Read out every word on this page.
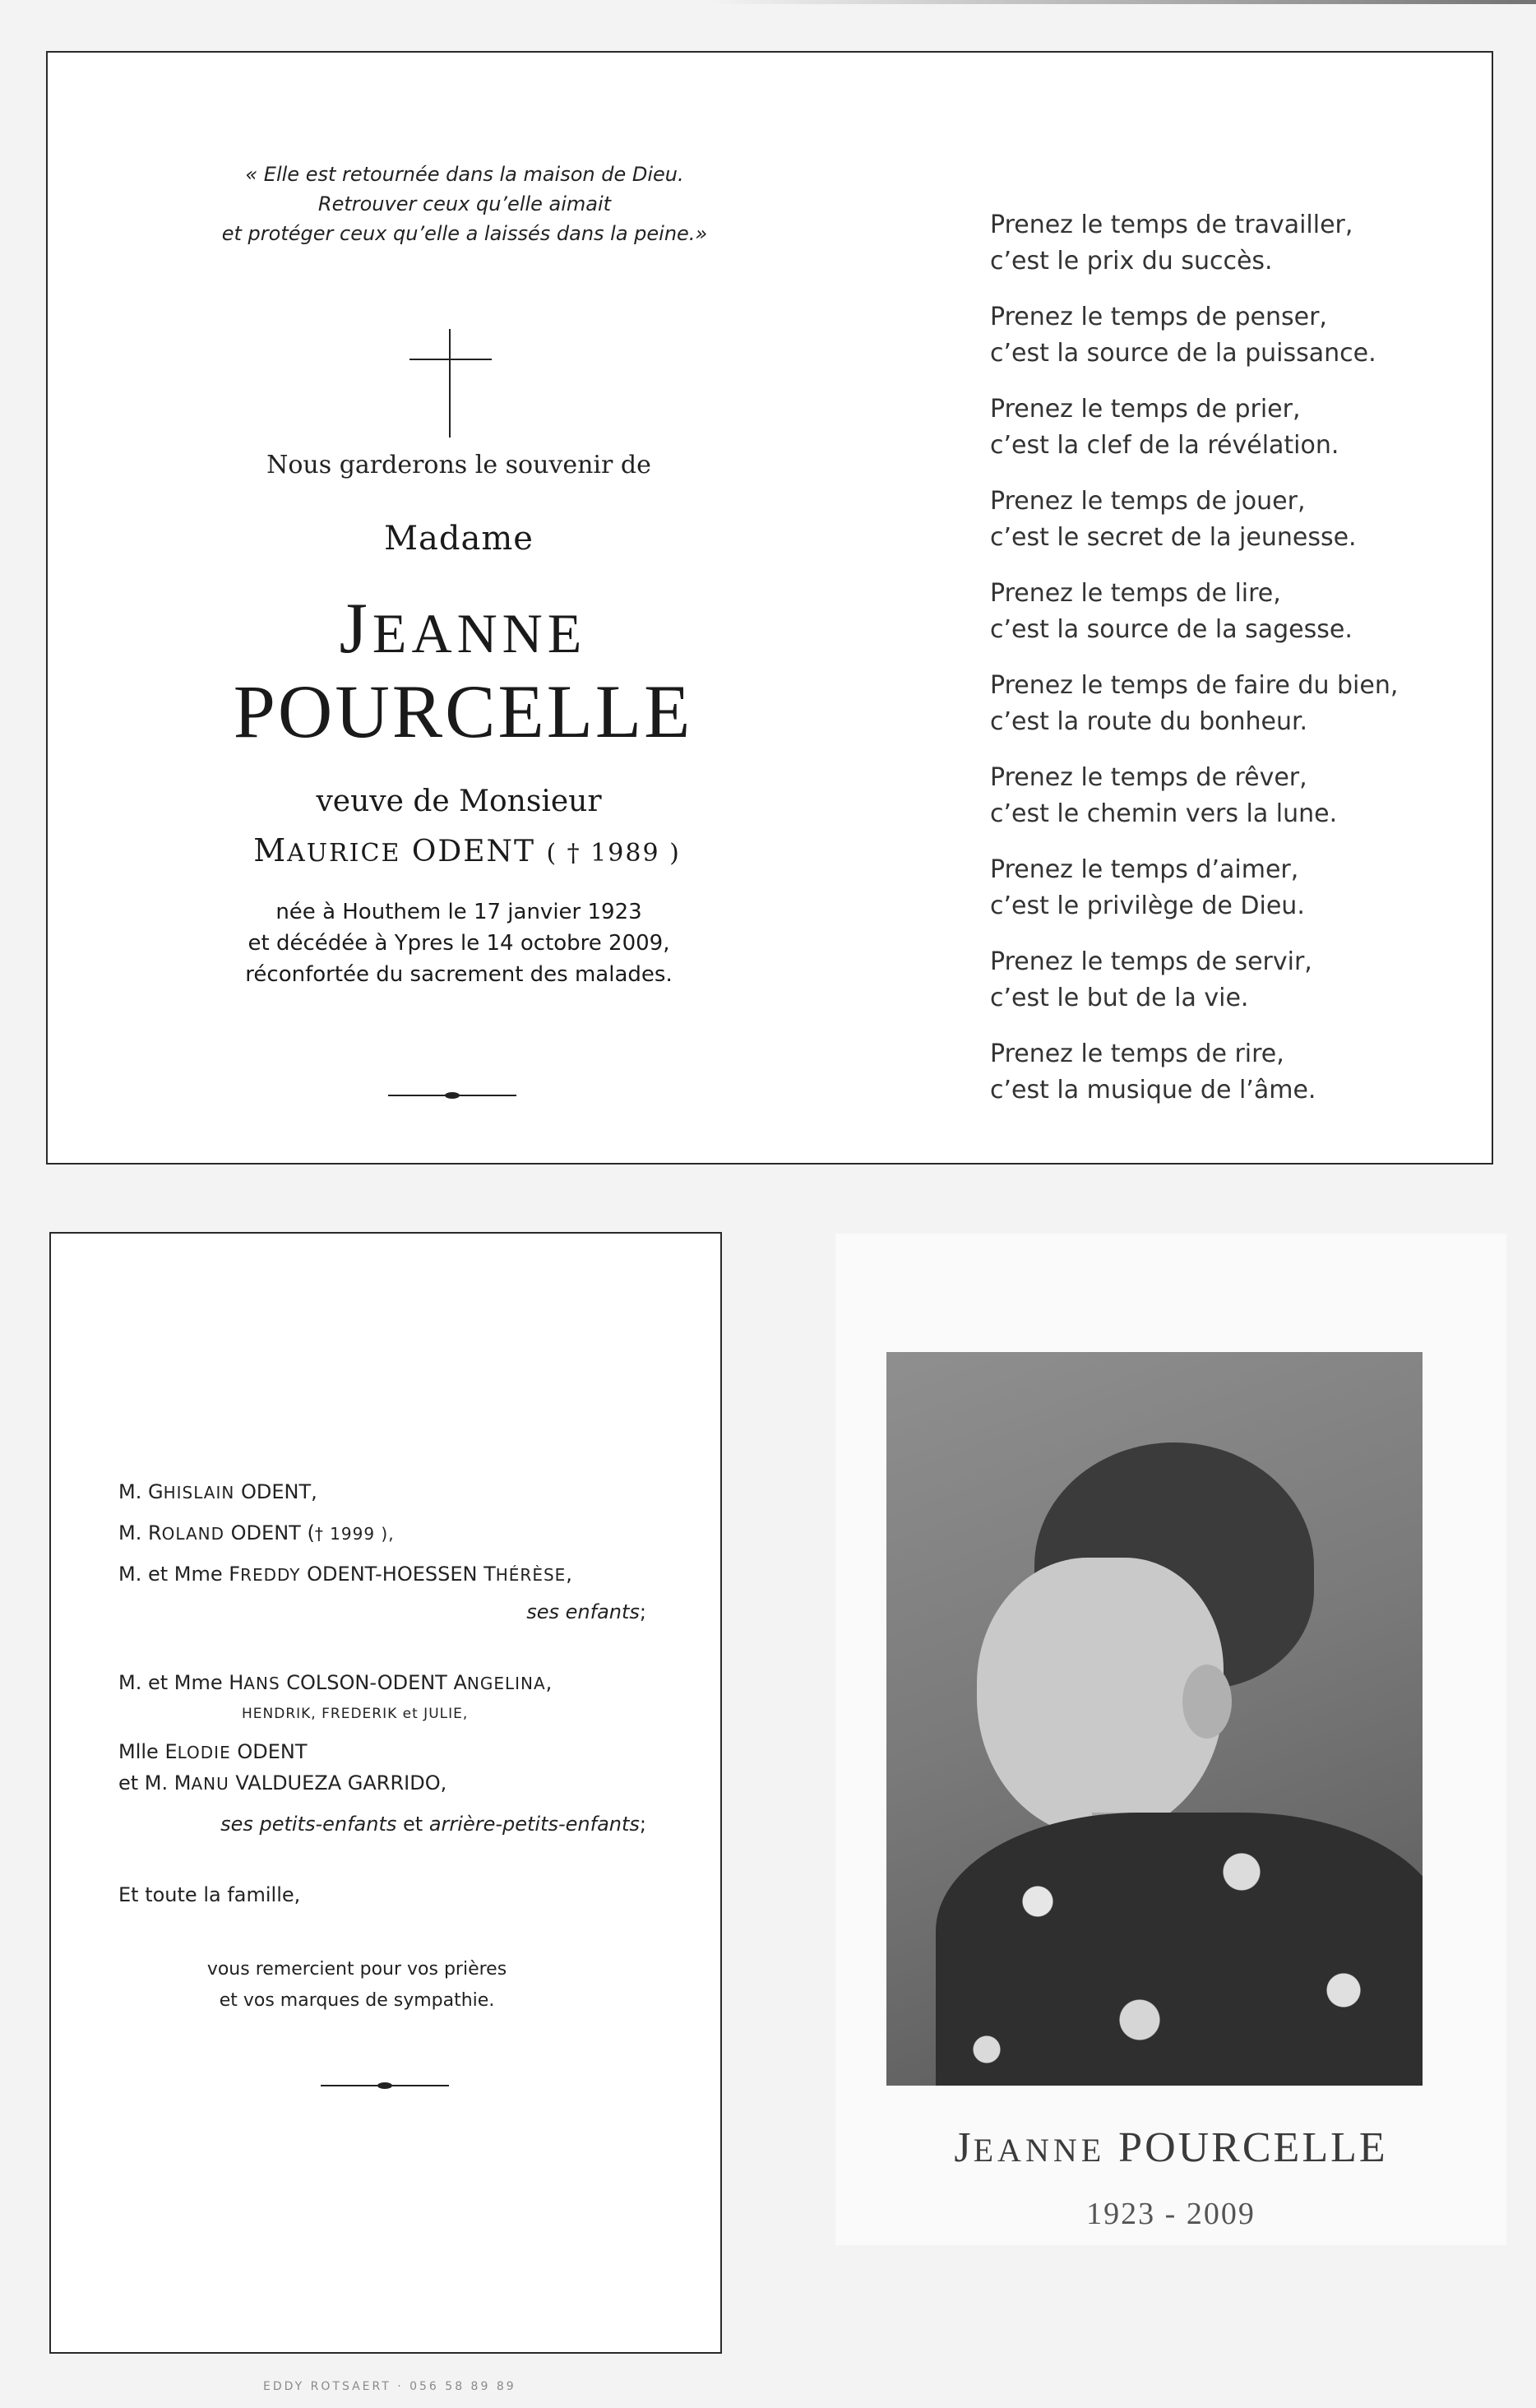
« Elle est retournée dans la maison de Dieu.
Retrouver ceux qu’elle aimait
et protéger ceux qu’elle a laissés dans la peine.»
Nous garderons le souvenir de
Madame
JEANNE
POURCELLE
veuve de Monsieur
MAURICE ODENT ( † 1989 )
née à Houthem le 17 janvier 1923
et décédée à Ypres le 14 octobre 2009,
réconfortée du sacrement des malades.
Prenez le temps de travailler,
c’est le prix du succès.
Prenez le temps de penser,
c’est la source de la puissance.
Prenez le temps de prier,
c’est la clef de la révélation.
Prenez le temps de jouer,
c’est le secret de la jeunesse.
Prenez le temps de lire,
c’est la source de la sagesse.
Prenez le temps de faire du bien,
c’est la route du bonheur.
Prenez le temps de rêver,
c’est le chemin vers la lune.
Prenez le temps d’aimer,
c’est le privilège de Dieu.
Prenez le temps de servir,
c’est le but de la vie.
Prenez le temps de rire,
c’est la musique de l’âme.
M. GHISLAIN ODENT,
M. ROLAND ODENT († 1999 ),
M. et Mme FREDDY ODENT-HOESSEN THÉRÈSE,
ses enfants;
M. et Mme HANS COLSON-ODENT ANGELINA,
HENDRIK, FREDERIK et JULIE,
Mlle ELODIE ODENT
et M. MANU VALDUEZA GARRIDO,
ses petits-enfants et arrière-petits-enfants;
Et toute la famille,
vous remercient pour vos prières
et vos marques de sympathie.
EDDY ROTSAERT · 056 58 89 89
JEANNE POURCELLE
1923 - 2009
